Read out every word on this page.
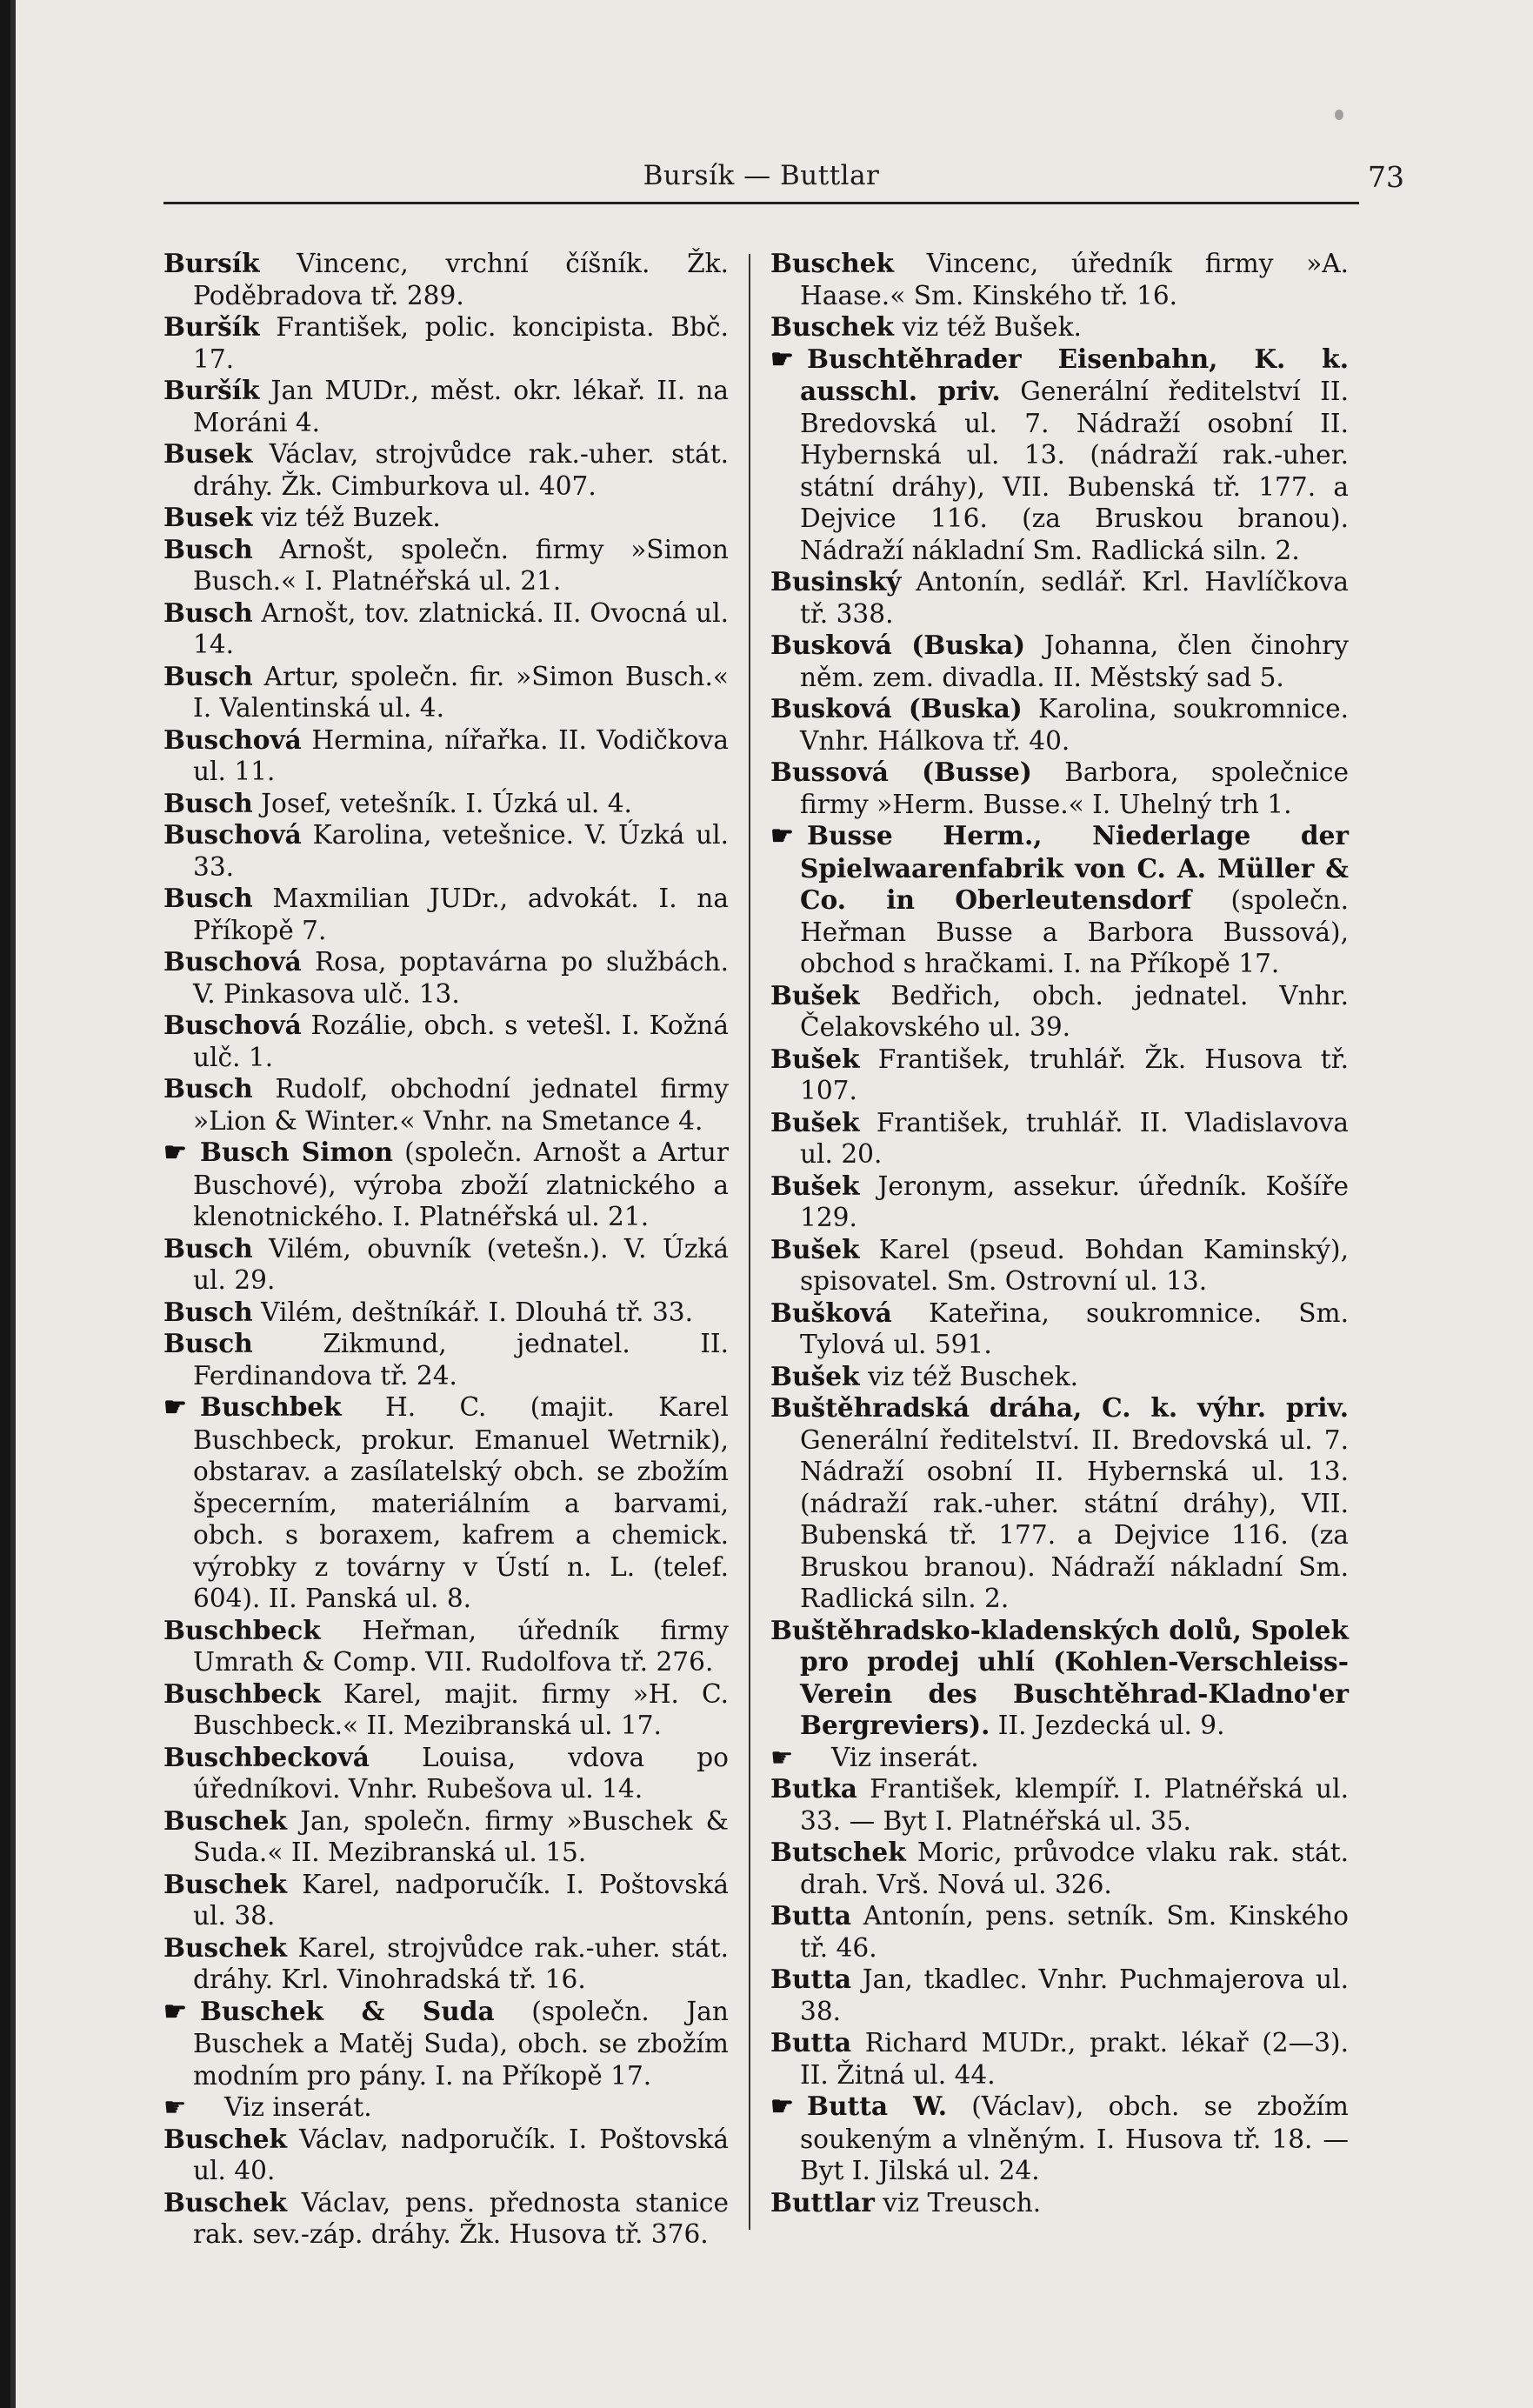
Bursík — Buttlar	73
Bursík Vincenc, vrchní číšník. Žk. Poděbradova tř. 289.
Buršík František, polic. koncipista. Bbč. 17.
Buršík Jan MUDr., měst. okr. lékař. II. na Moráni 4.
Busek Václav, strojvůdce rak.-uher. stát. dráhy. Žk. Cimburkova ul. 407.
Busek viz též Buzek.
Busch Arnošt, společn. firmy »Simon Busch.« I. Platnéřská ul. 21.
Busch Arnošt, tov. zlatnická. II. Ovocná ul. 14.
Busch Artur, společn. fir. »Simon Busch.« I. Valentinská ul. 4.
Buschová Hermina, nířařka. II. Vodičkova ul. 11.
Busch Josef, vetešník. I. Úzká ul. 4.
Buschová Karolina, vetešnice. V. Úzká ul. 33.
Busch Maxmilian JUDr., advokát. I. na Příkopě 7.
Buschová Rosa, poptavárna po službách. V. Pinkasova ulč. 13.
Buschová Rozálie, obch. s vetešl. I. Kožná ulč. 1.
Busch Rudolf, obchodní jednatel firmy »Lion & Winter.« Vnhr. na Smetance 4.
☛ Busch Simon (společn. Arnošt a Artur Buschové), výroba zboží zlatnického a klenotnického. I. Platnéřská ul. 21.
Busch Vilém, obuvník (vetešn.). V. Úzká ul. 29.
Busch Vilém, deštníkář. I. Dlouhá tř. 33.
Busch Zikmund, jednatel. II. Ferdinandova tř. 24.
☛ Buschbek H. C. (majit. Karel Buschbeck, prokur. Emanuel Wetrnik), obstarav. a zasílatelský obch. se zbožím špecerním, materiálním a barvami, obch. s boraxem, kafrem a chemick. výrobky z továrny v Ústí n. L. (telef. 604). II. Panská ul. 8.
Buschbeck Heřman, úředník firmy Umrath & Comp. VII. Rudolfova tř. 276.
Buschbeck Karel, majit. firmy »H. C. Buschbeck.« II. Mezibranská ul. 17.
Buschbecková Louisa, vdova po úředníkovi. Vnhr. Rubešova ul. 14.
Buschek Jan, společn. firmy »Buschek & Suda.« II. Mezibranská ul. 15.
Buschek Karel, nadporučík. I. Poštovská ul. 38.
Buschek Karel, strojvůdce rak.-uher. stát. dráhy. Krl. Vinohradská tř. 16.
☛ Buschek & Suda (společn. Jan Buschek a Matěj Suda), obch. se zbožím modním pro pány. I. na Příkopě 17.
☛ Viz inserát.
Buschek Václav, nadporučík. I. Poštovská ul. 40.
Buschek Václav, pens. přednosta stanice rak. sev.-záp. dráhy. Žk. Husova tř. 376.
Buschek Vincenc, úředník firmy »A. Haase.« Sm. Kinského tř. 16.
Buschek viz též Bušek.
☛ Buschtěhrader Eisenbahn, K. k. ausschl. priv. Generální ředitelství II. Bredovská ul. 7. Nádraží osobní II. Hybernská ul. 13. (nádraží rak.-uher. státní dráhy), VII. Bubenská tř. 177. a Dejvice 116. (za Bruskou branou). Nádraží nákladní Sm. Radlická siln. 2.
Businský Antonín, sedlář. Krl. Havlíčkova tř. 338.
Busková (Buska) Johanna, člen činohry něm. zem. divadla. II. Městský sad 5.
Busková (Buska) Karolina, soukromnice. Vnhr. Hálkova tř. 40.
Bussová (Busse) Barbora, společnice firmy »Herm. Busse.« I. Uhelný trh 1.
☛ Busse Herm., Niederlage der Spielwaarenfabrik von C. A. Müller & Co. in Oberleutensdorf (společn. Heřman Busse a Barbora Bussová), obchod s hračkami. I. na Příkopě 17.
Bušek Bedřich, obch. jednatel. Vnhr. Čelakovského ul. 39.
Bušek František, truhlář. Žk. Husova tř. 107.
Bušek František, truhlář. II. Vladislavova ul. 20.
Bušek Jeronym, assekur. úředník. Košíře 129.
Bušek Karel (pseud. Bohdan Kaminský), spisovatel. Sm. Ostrovní ul. 13.
Bušková Kateřina, soukromnice. Sm. Tylová ul. 591.
Bušek viz též Buschek.
Buštěhradská dráha, C. k. výhr. priv. Generální ředitelství. II. Bredovská ul. 7. Nádraží osobní II. Hybernská ul. 13. (nádraží rak.-uher. státní dráhy), VII. Bubenská tř. 177. a Dejvice 116. (za Bruskou branou). Nádraží nákladní Sm. Radlická siln. 2.
Buštěhradsko-kladenských dolů, Spolek pro prodej uhlí (Kohlen-Verschleiss-Verein des Buschtěhrad-Kladno'er Bergreviers). II. Jezdecká ul. 9.
☛ Viz inserát.
Butka František, klempíř. I. Platnéřská ul. 33. — Byt I. Platnéřská ul. 35.
Butschek Moric, průvodce vlaku rak. stát. drah. Vrš. Nová ul. 326.
Butta Antonín, pens. setník. Sm. Kinského tř. 46.
Butta Jan, tkadlec. Vnhr. Puchmajerova ul. 38.
Butta Richard MUDr., prakt. lékař (2—3). II. Žitná ul. 44.
☛ Butta W. (Václav), obch. se zbožím soukeným a vlněným. I. Husova tř. 18. — Byt I. Jilská ul. 24.
Buttlar viz Treusch.
